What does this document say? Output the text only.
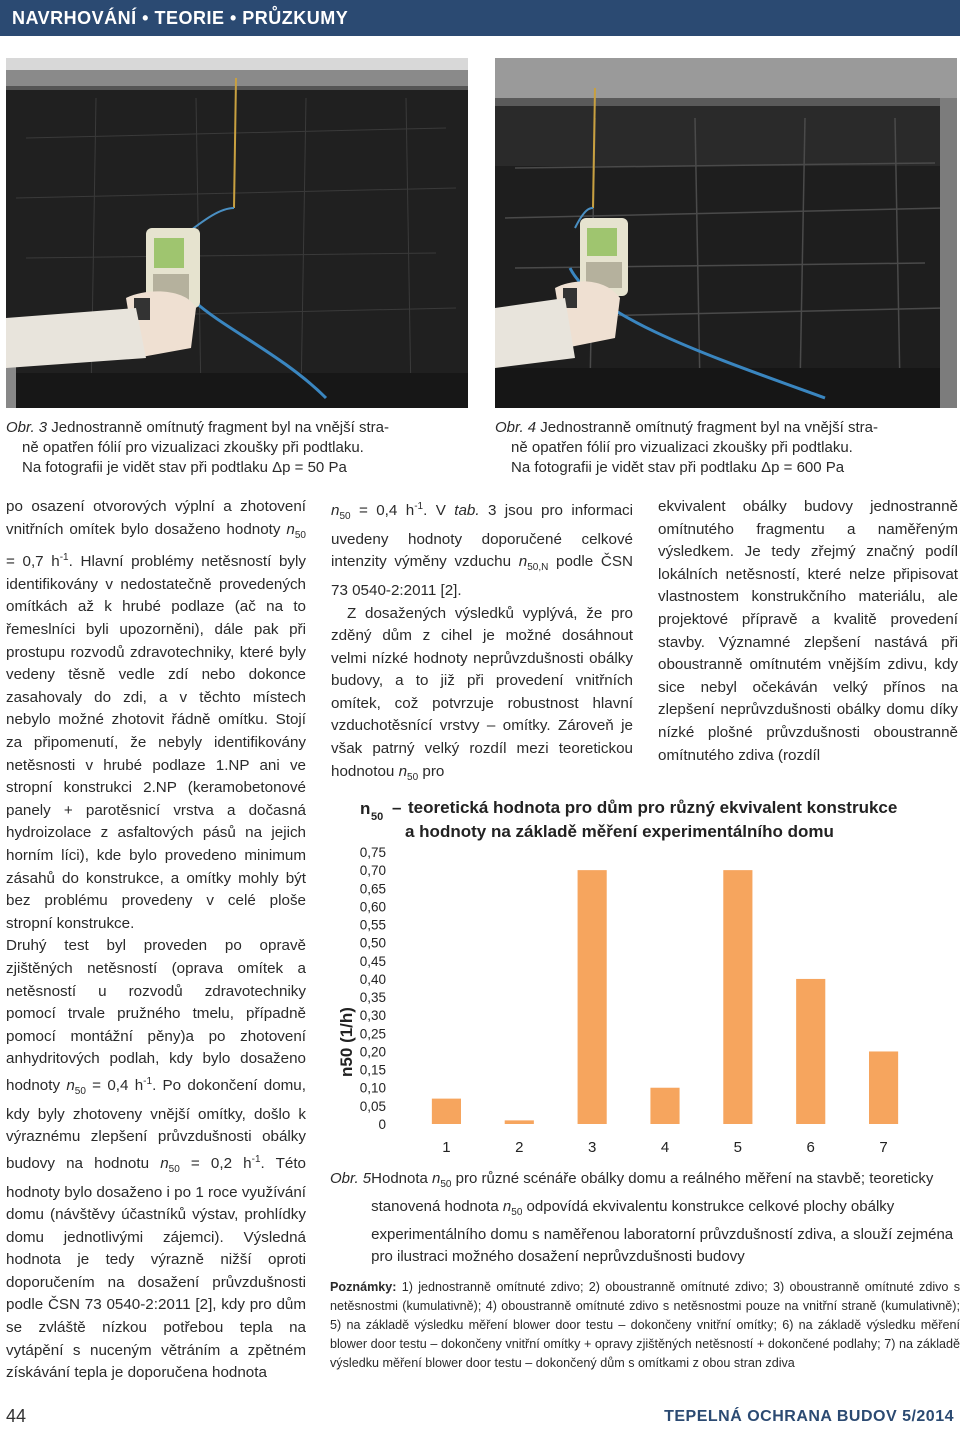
NAVRHOVÁNÍ • TEORIE • PRŮZKUMY
Obr. 3 Jednostranně omítnutý fragment byl na vnější stra-
ně opatřen fólií pro vizualizaci zkoušky při podtlaku.
Na fotografii je vidět stav při podtlaku Δp = 50 Pa
Obr. 4 Jednostranně omítnutý fragment byl na vnější stra-
ně opatřen fólií pro vizualizaci zkoušky při podtlaku.
Na fotografii je vidět stav při podtlaku Δp = 600 Pa

po osazení otvorových výplní a zhotovení vnitřních omítek bylo dosaženo hodnoty $n_{50} = 0,7$ $h^{-1}$. Hlavní problémy netěsností byly identifikovány v nedostatečně provedených omítkách až k hrubé podlaze (ač na to řemeslníci byli upozorněni), dále pak při prostupu rozvodů zdravotechniky, které byly vedeny těsně vedle zdí nebo dokonce zasahovaly do zdi, a v těchto místech nebylo možné zhotovit řádně omítku. Stojí za připomenutí, že nebyly identifikovány netěsnosti v hrubé podlaze 1.NP ani ve stropní konstrukci 2.NP (keramobetonové panely + parotěsnicí vrstva a dočasná hydroizolace z asfaltových pásů na jejich horním líci), kde bylo provedeno minimum zásahů do konstrukce, a omítky mohly být bez problému provedeny v celé ploše stropní konstrukce.

Druhý test byl proveden po opravě zjištěných netěsností (oprava omítek a netěsností u rozvodů zdravotechniky pomocí trvale pružného tmelu, případně pomocí montážní pěny)a po zhotovení anhydritových podlah, kdy bylo dosaženo hodnoty $n_{50} = 0,4$ $h^{-1}$. Po dokončení domu, kdy byly zhotoveny vnější omítky, došlo k výraznému zlepšení průvzdušnosti obálky budovy na hodnotu $n_{50} = 0,2$ $h^{-1}$. Této hodnoty bylo dosaženo i po 1 roce využívání domu (návštěvy účastníků výstav, prohlídky domu jednotlivými zájemci). Výsledná hodnota je tedy výrazně nižší oproti doporučením na dosažení průvzdušnosti podle ČSN 73 0540-2:2011 [2], kdy pro dům se zvláště nízkou potřebou tepla na vytápění s nuceným větráním a zpětném získávání tepla je doporučena hodnota

$n_{50} = 0,4$ $h^{-1}$. V tab. 3 jsou pro informaci uvedeny hodnoty doporučené celkové intenzity výměny vzduchu $n_{50,N}$ podle ČSN 73 0540-2:2011 [2].

Z dosažených výsledků vyplývá, že pro zděný dům z cihel je možné dosáhnout velmi nízké hodnoty neprůvzdušnosti obálky budovy, a to již při provedení vnitřních omítek, což potvrzuje robustnost hlavní vzduchotěsnící vrstvy – omítky. Zároveň je však patrný velký rozdíl mezi teoretickou hodnotou $n_{50}$ pro

ekvivalent obálky budovy jednostranně omítnutého fragmentu a naměřeným výsledkem. Je tedy zřejmý značný podíl lokálních netěsností, které nelze připisovat vlastnostem konstrukčního materiálu, ale projektové přípravě a kvalitě provedení stavby. Významné zlepšení nastává při oboustranně omítnutém vnějším zdivu, kdy sice nebyl očekáván velký přínos na zlepšení neprůvzdušnosti obálky domu díky nízké plošné průvzdušnosti oboustranně omítnutého zdiva (rozdíl

n 50 – teoretická hodnota pro dům pro různý ekvivalent konstrukce
a hodnoty na základě měření experimentálního domu
n50 (1/h)
0
0,05
0,10
0,15
0,20
0,25
0,30
0,35
0,40
0,45
0,50
0,55
0,60
0,65
0,70
0,75
1	2	3	4	5	6	7
Obr. 5 Hodnota $n_{50}$ pro různé scénáře obálky domu a reálného měření na stavbě; teoreticky stanovená hodnota $n_{50}$ odpovídá ekvivalentu konstrukce celkové plochy obálky experimentálního domu s naměřenou laboratorní průvzdušností zdiva, a slouží zejména pro ilustraci možného dosažení neprůvzdušnosti budovy
Poznámky: 1) jednostranně omítnuté zdivo; 2) oboustranně omítnuté zdivo; 3) oboustranně omítnuté zdivo s netěsnostmi (kumulativně); 4) oboustranně omítnuté zdivo s netěsnostmi pouze na vnitřní straně (kumulativně); 5) na základě výsledku měření blower door testu – dokončeny vnitřní omítky; 6) na základě výsledku měření blower door testu – dokončeny vnitřní omítky + opravy zjištěných netěsností + dokončené podlahy; 7) na základě výsledku měření blower door testu – dokončený dům s omítkami z obou stran zdiva
44	TEPELNÁ OCHRANA BUDOV 5/2014
